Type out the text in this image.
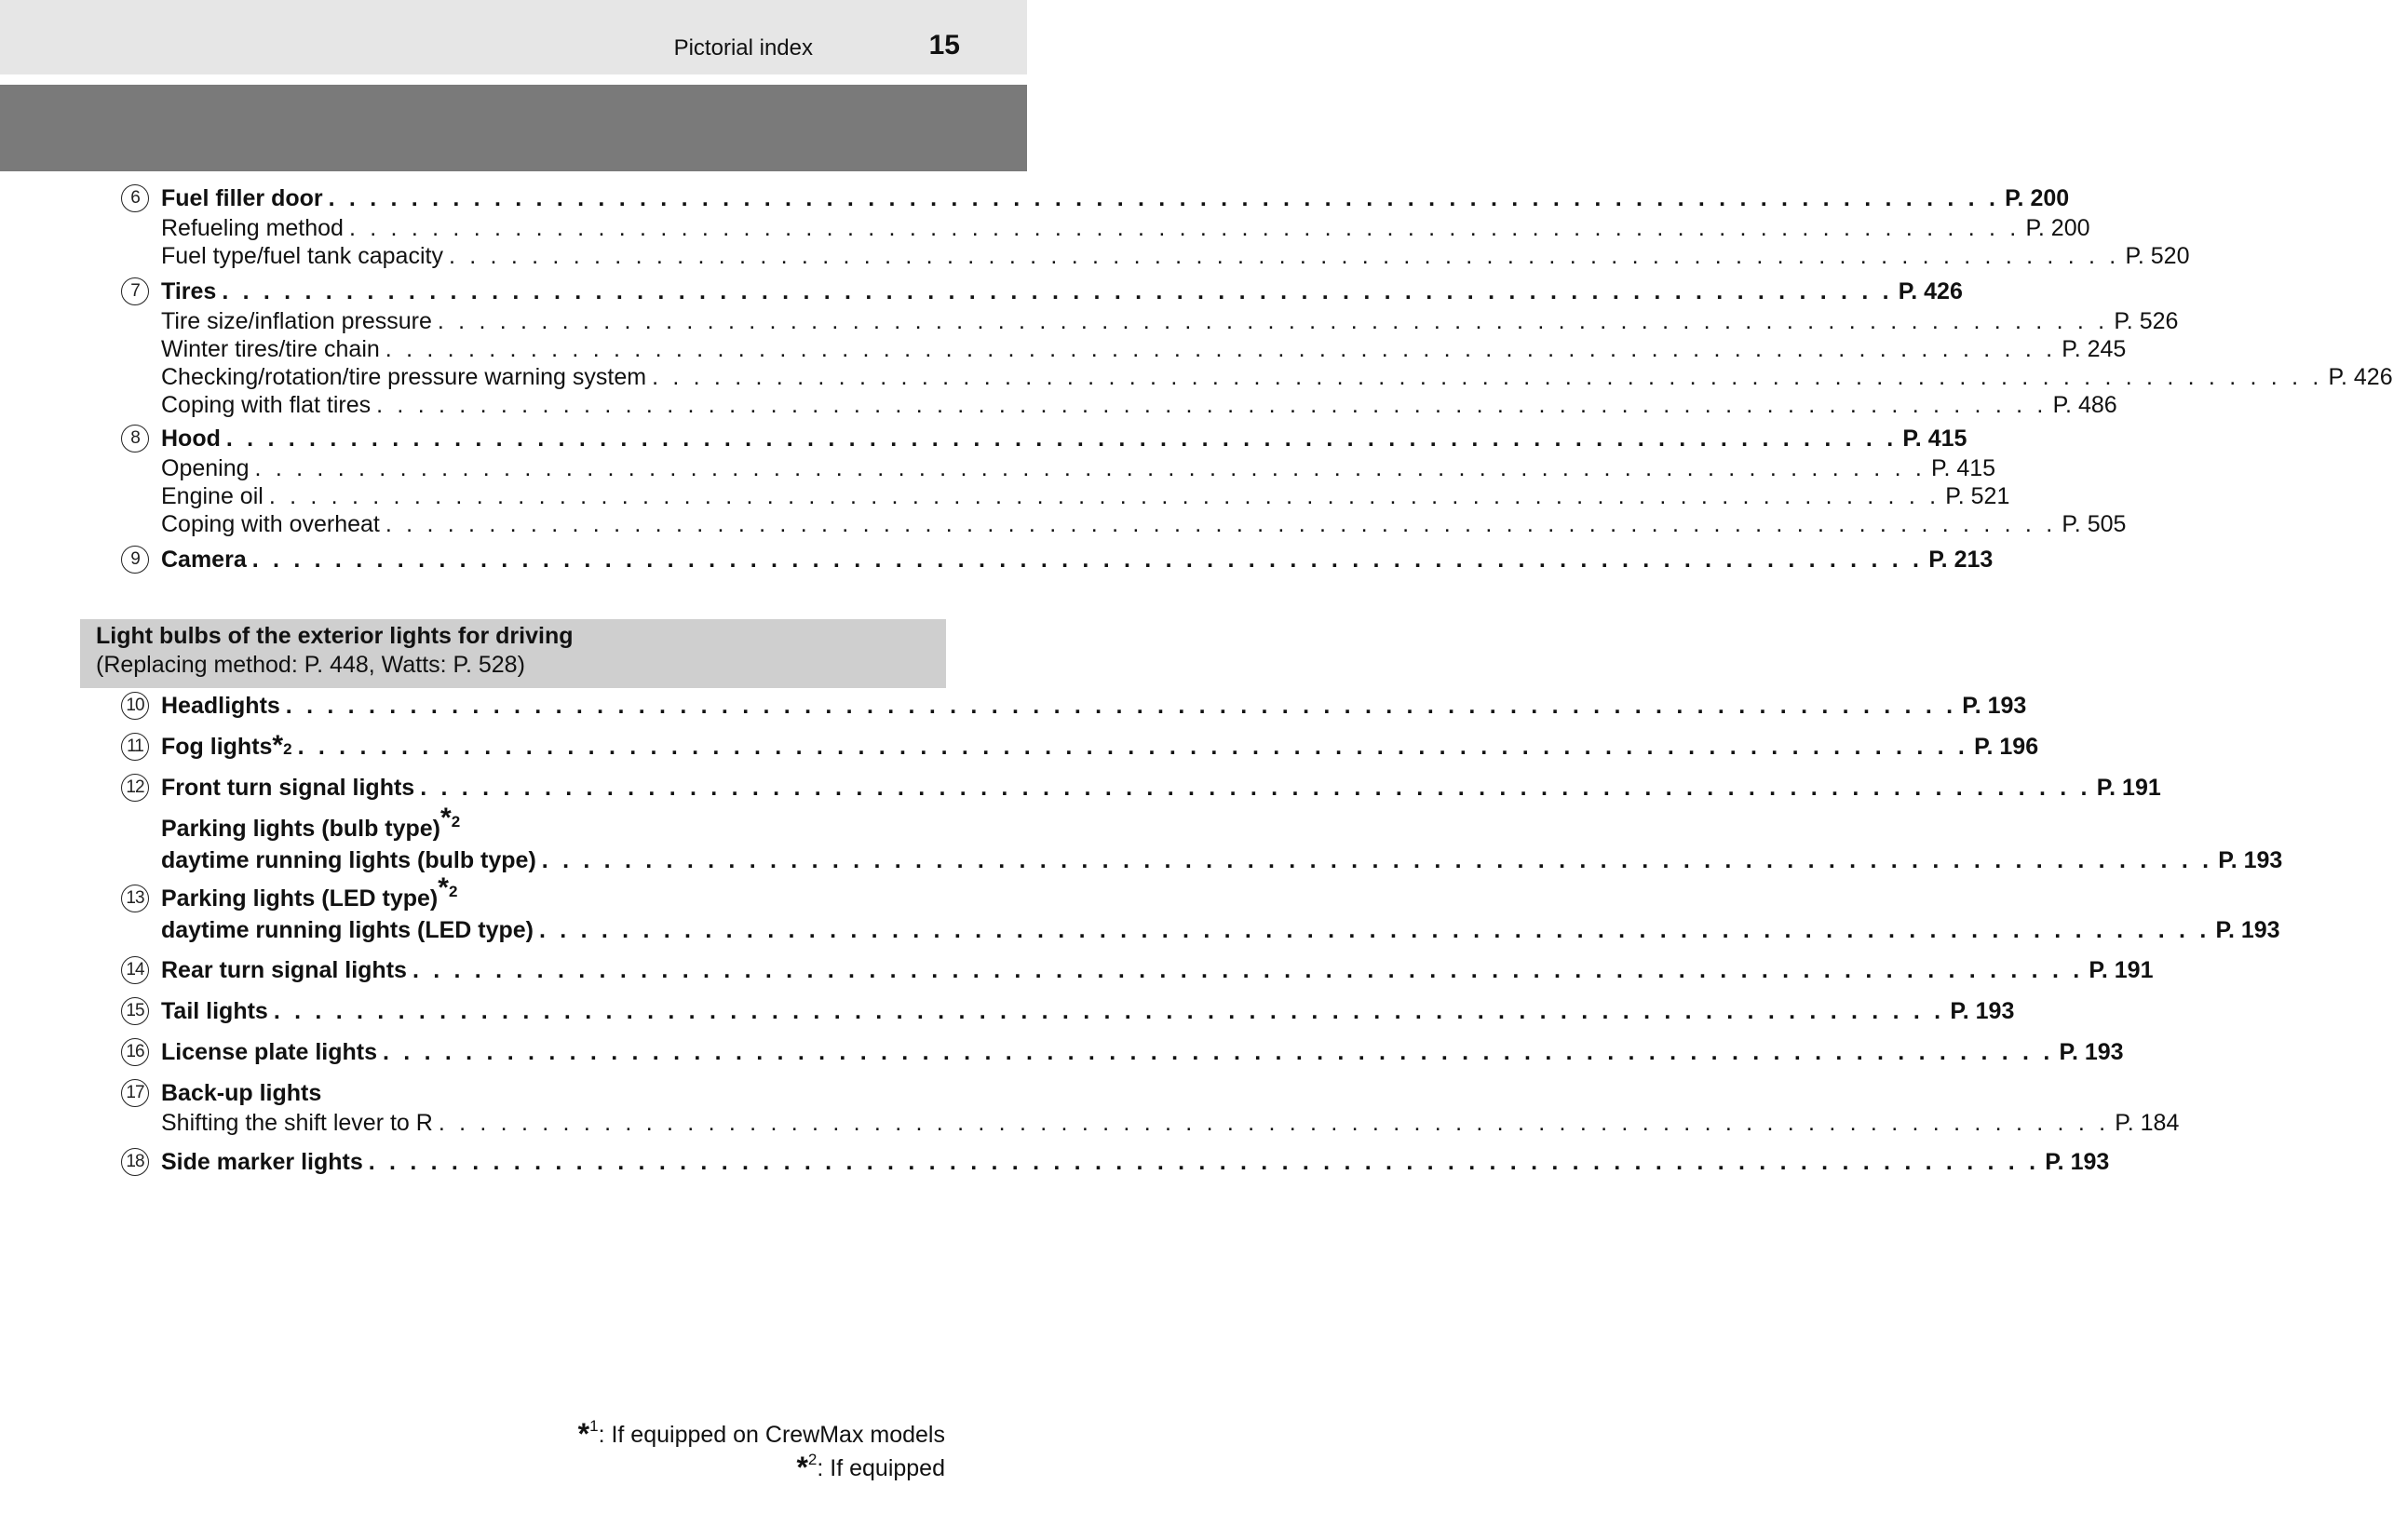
Pictorial index	15
6 Fuel filler door . . . . . . . . . . . . . . . . . . . . . . . . . . . . . . . . . . . . . . . . . . . . . . . . . . . . . . . . . . . . . . . . . . . . . . . . . . . . . . . . . P. 200
Refueling method . . . . . . . . . . . . . . . . . . . . . . . . . . . . . . . . . . . . . . . . . . . . . . . . . . . . . . . . . . . . . . . . . . . . . . . . . . . . . . . . . P. 200
Fuel type/fuel tank capacity . . . . . . . . . . . . . . . . . . . . . . . . . . . . . . . . . . . . . . . . . . . . . . . . . . . . . . . . . . . . . . . . . . . . . . . . . . . . . . . . . P. 520
7 Tires . . . . . . . . . . . . . . . . . . . . . . . . . . . . . . . . . . . . . . . . . . . . . . . . . . . . . . . . . . . . . . . . . . . . . . . . . . . . . . . . . P. 426
Tire size/inflation pressure . . . . . . . . . . . . . . . . . . . . . . . . . . . . . . . . . . . . . . . . . . . . . . . . . . . . . . . . . . . . . . . . . . . . . . . . . . . . . . . . . P. 526
Winter tires/tire chain . . . . . . . . . . . . . . . . . . . . . . . . . . . . . . . . . . . . . . . . . . . . . . . . . . . . . . . . . . . . . . . . . . . . . . . . . . . . . . . . . P. 245
Checking/rotation/tire pressure warning system . . . . . . . . . . . . . . . . . . . . . . . . . . . . . . . . . . . . . . . . . . . . . . . . . . . . . . . . . . . . . . . . . . . . . . . . . . . . . . . . . P. 426
Coping with flat tires . . . . . . . . . . . . . . . . . . . . . . . . . . . . . . . . . . . . . . . . . . . . . . . . . . . . . . . . . . . . . . . . . . . . . . . . . . . . . . . . . P. 486
8 Hood . . . . . . . . . . . . . . . . . . . . . . . . . . . . . . . . . . . . . . . . . . . . . . . . . . . . . . . . . . . . . . . . . . . . . . . . . . . . . . . . . P. 415
Opening . . . . . . . . . . . . . . . . . . . . . . . . . . . . . . . . . . . . . . . . . . . . . . . . . . . . . . . . . . . . . . . . . . . . . . . . . . . . . . . . . P. 415
Engine oil . . . . . . . . . . . . . . . . . . . . . . . . . . . . . . . . . . . . . . . . . . . . . . . . . . . . . . . . . . . . . . . . . . . . . . . . . . . . . . . . . P. 521
Coping with overheat . . . . . . . . . . . . . . . . . . . . . . . . . . . . . . . . . . . . . . . . . . . . . . . . . . . . . . . . . . . . . . . . . . . . . . . . . . . . . . . . . P. 505
9 Camera . . . . . . . . . . . . . . . . . . . . . . . . . . . . . . . . . . . . . . . . . . . . . . . . . . . . . . . . . . . . . . . . . . . . . . . . . . . . . . . . . P. 213
Light bulbs of the exterior lights for driving
(Replacing method: P. 448, Watts: P. 528)
10 Headlights . . . . . . . . . . . . . . . . . . . . . . . . . . . . . . . . . . . . . . . . . . . . . . . . . . . . . . . . . . . . . . . . . . . . . . . . . . . . . . . . . P. 193
11 Fog lights *2 . . . . . . . . . . . . . . . . . . . . . . . . . . . . . . . . . . . . . . . . . . . . . . . . . . . . . . . . . . . . . . . . . . . . . . . . . . . . . . . . . P. 196
12 Front turn signal lights . . . . . . . . . . . . . . . . . . . . . . . . . . . . . . . . . . . . . . . . . . . . . . . . . . . . . . . . . . . . . . . . . . . . . . . . . . . . . . . . . P. 191
Parking lights (bulb type)$^{*2}$
daytime running lights (bulb type) . . . . . . . . . . . . . . . . . . . . . . . . . . . . . . . . . . . . . . . . . . . . . . . . . . . . . . . . . . . . . . . . . . . . . . . . . . . . . . . . . P. 193
13 Parking lights (LED type)$^{*2}$
daytime running lights (LED type) . . . . . . . . . . . . . . . . . . . . . . . . . . . . . . . . . . . . . . . . . . . . . . . . . . . . . . . . . . . . . . . . . . . . . . . . . . . . . . . . . P. 193
14 Rear turn signal lights . . . . . . . . . . . . . . . . . . . . . . . . . . . . . . . . . . . . . . . . . . . . . . . . . . . . . . . . . . . . . . . . . . . . . . . . . . . . . . . . . P. 191
15 Tail lights . . . . . . . . . . . . . . . . . . . . . . . . . . . . . . . . . . . . . . . . . . . . . . . . . . . . . . . . . . . . . . . . . . . . . . . . . . . . . . . . . P. 193
16 License plate lights . . . . . . . . . . . . . . . . . . . . . . . . . . . . . . . . . . . . . . . . . . . . . . . . . . . . . . . . . . . . . . . . . . . . . . . . . . . . . . . . . P. 193
17 Back-up lights
Shifting the shift lever to R . . . . . . . . . . . . . . . . . . . . . . . . . . . . . . . . . . . . . . . . . . . . . . . . . . . . . . . . . . . . . . . . . . . . . . . . . . . . . . . . . P. 184
18 Side marker lights . . . . . . . . . . . . . . . . . . . . . . . . . . . . . . . . . . . . . . . . . . . . . . . . . . . . . . . . . . . . . . . . . . . . . . . . . . . . . . . . . P. 193
*$^1$: If equipped on CrewMax models
*$^2$: If equipped
